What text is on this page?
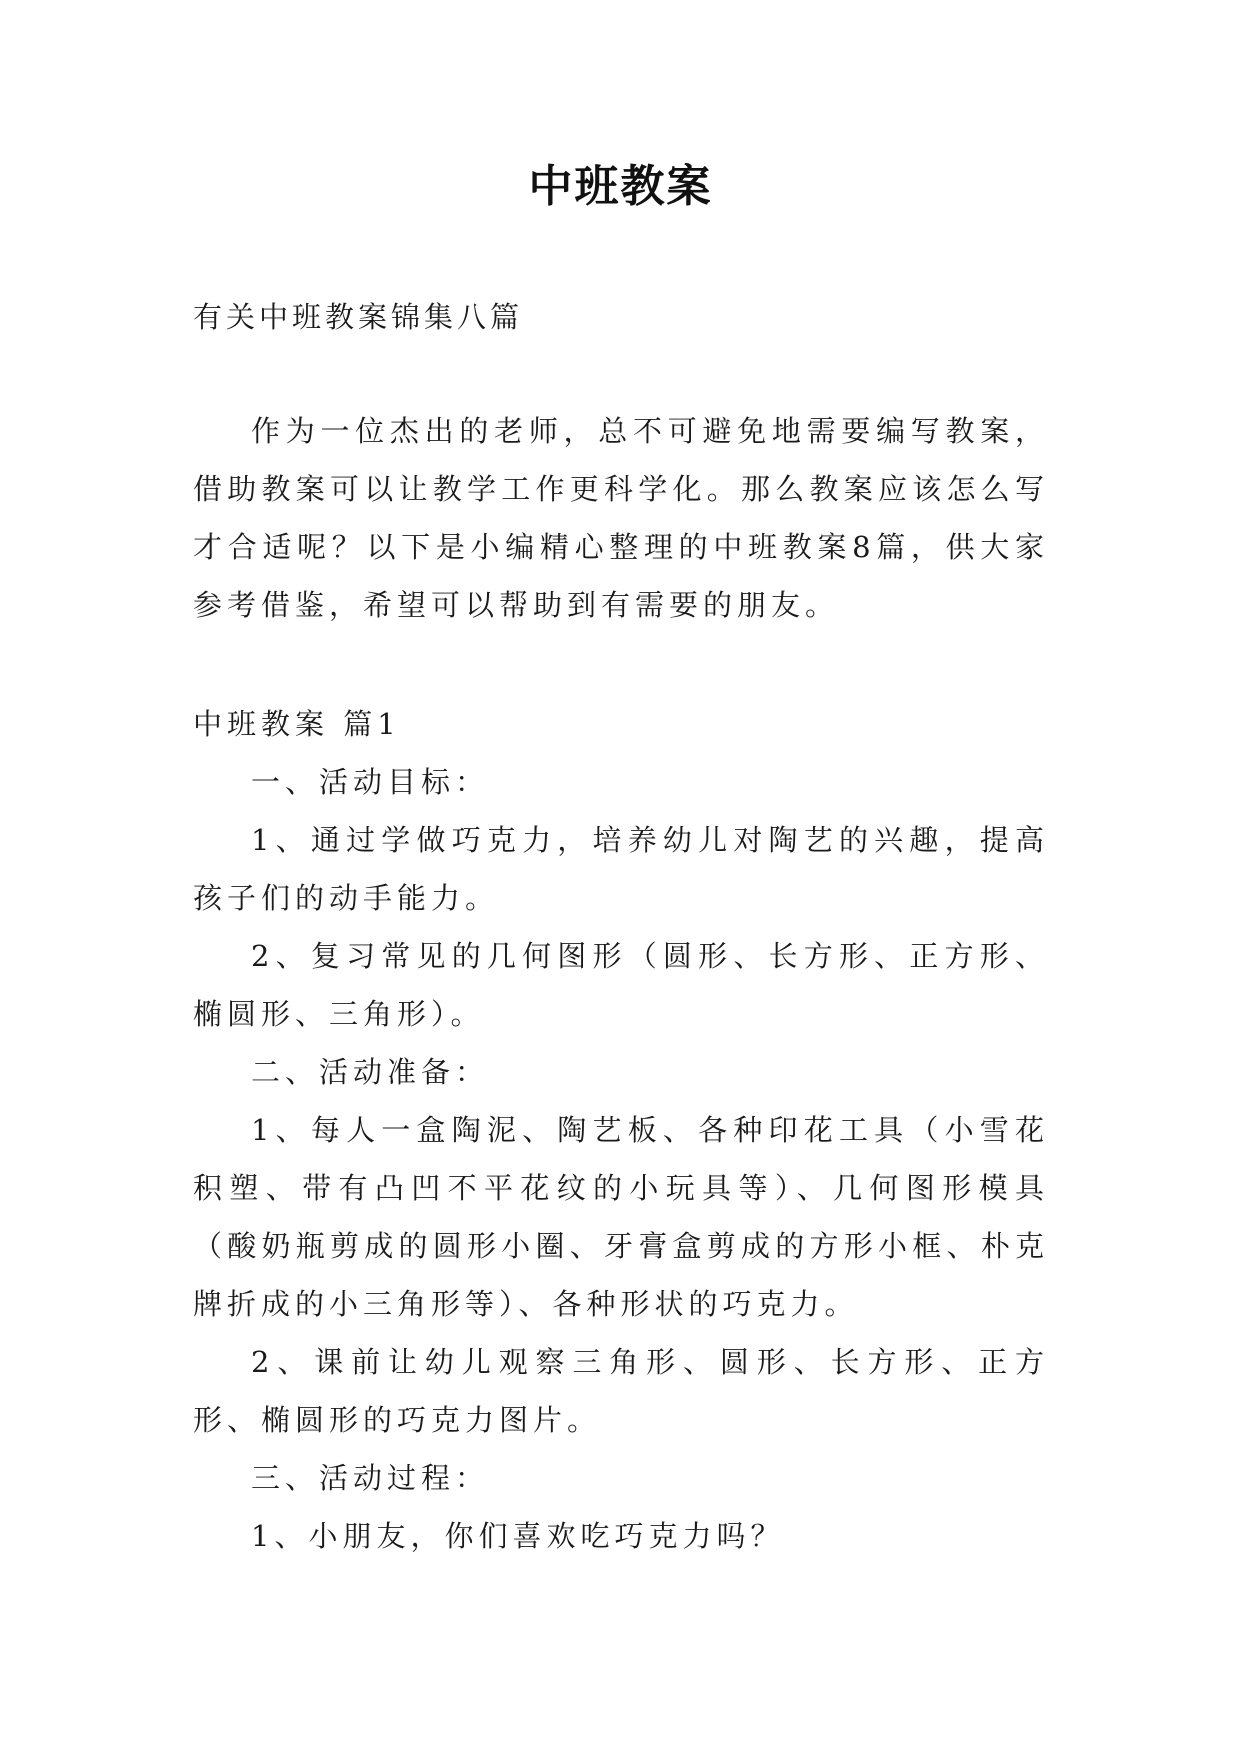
中班教案
有关中班教案锦集八篇

作为一位杰出的老师，总不可避免地需要编写教案，借助教案可以让教学工作更科学化。那么教案应该怎么写才合适呢？以下是小编精心整理的中班教案8篇，供大家参考借鉴，希望可以帮助到有需要的朋友。

中班教案 篇1

一、活动目标：

1、通过学做巧克力，培养幼儿对陶艺的兴趣，提高孩子们的动手能力。

2、复习常见的几何图形（圆形、长方形、正方形、椭圆形、三角形）。

二、活动准备：

1、每人一盒陶泥、陶艺板、各种印花工具（小雪花积塑、带有凸凹不平花纹的小玩具等）、几何图形模具（酸奶瓶剪成的圆形小圈、牙膏盒剪成的方形小框、朴克牌折成的小三角形等）、各种形状的巧克力。

2、课前让幼儿观察三角形、圆形、长方形、正方形、椭圆形的巧克力图片。

三、活动过程：

1、小朋友，你们喜欢吃巧克力吗？
